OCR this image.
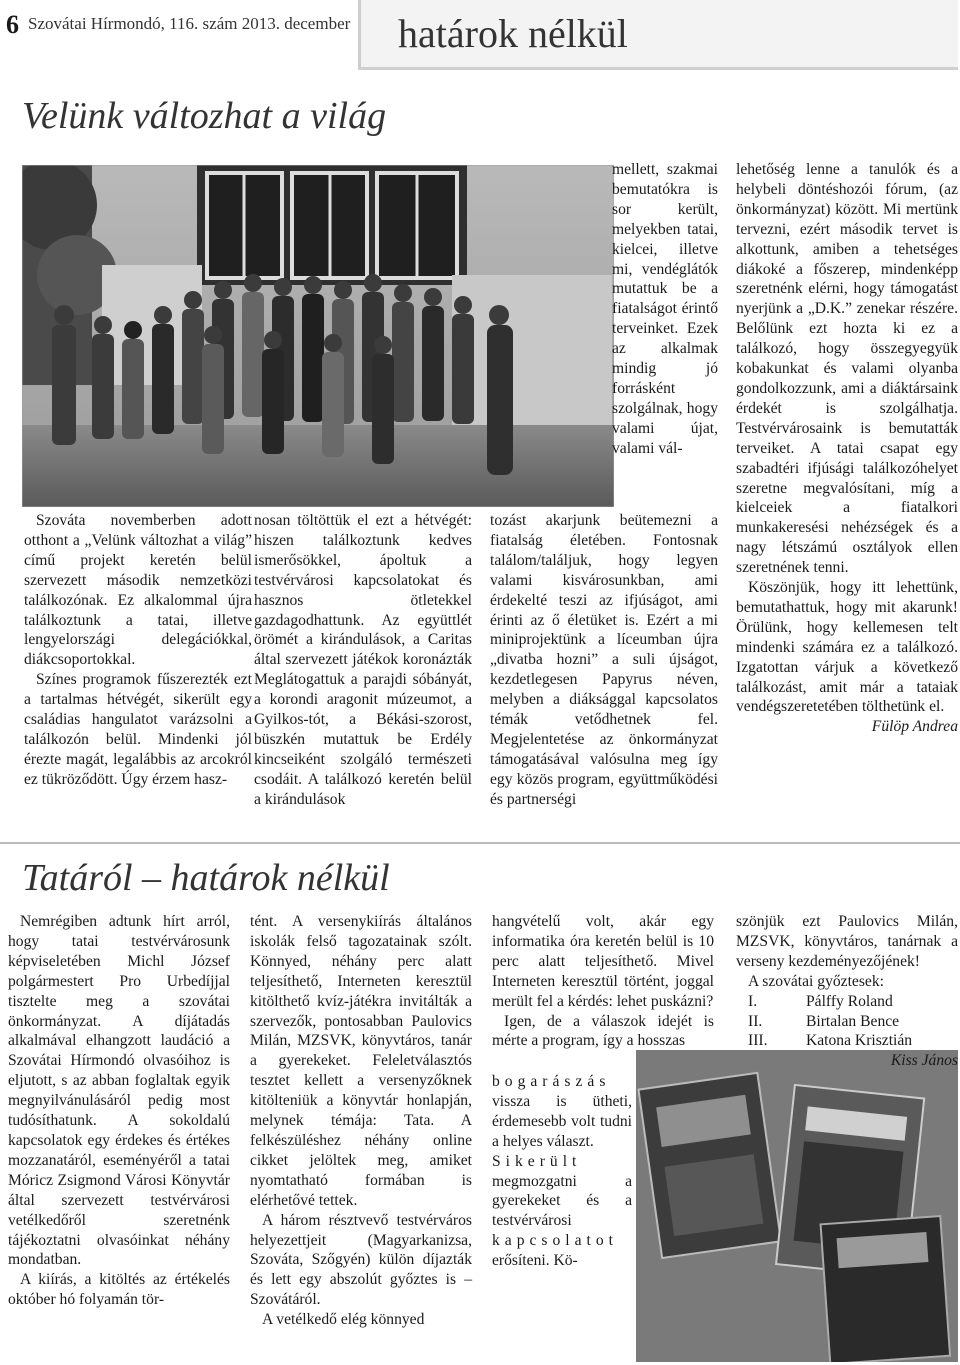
6 Szovátai Hírmondó, 116. szám 2013. december határok nélkül
Velünk változhat a világ

Szováta novemberben adott otthont a „Velünk változhat a világ” című projekt keretén belül szervezett második nemzetközi találkozónak. Ez alkalommal újra találkoztunk a tatai, illetve lengyelországi delegációkkal, diákcsoportokkal.

Színes programok fűszerezték ezt a tartalmas hétvégét, sikerült egy családias hangulatot varázsolni a találkozón belül. Mindenki jól érezte magát, legalábbis az arcokról ez tükröződött. Úgy érzem hasz-

nosan töltöttük el ezt a hétvégét: hiszen találkoztunk kedves ismerősökkel, ápoltuk a testvérvárosi kapcsolatokat és hasznos ötletekkel gazdagodhattunk. Az együttlét örömét a kirándulások, a Caritas által szervezett játékok koronázták Meglátogattuk a parajdi sóbányát, a korondi aragonit múzeumot, a Gyilkos-tót, a Békási-szorost, büszkén mutattuk be Erdély kincseiként szolgáló természeti csodáit. A találkozó keretén belül a kirándulások

mellett, szakmai bemutatókra is sor került, melyekben tatai, kielcei, illetve mi, vendéglátók mutattuk be a fiatalságot érintő terveinket. Ezek az alkalmak mindig jó forrásként szolgálnak, hogy valami újat, valami vál-

tozást akarjunk beütemezni a fiatalság életében. Fontosnak találom/találjuk, hogy legyen valami kisvárosunkban, ami érdekelté teszi az ifjúságot, ami érinti az ő életüket is. Ezért a mi miniprojektünk a líceumban újra „divatba hozni” a suli újságot, kezdetlegesen Papyrus néven, melyben a diáksággal kapcsolatos témák vetődhetnek fel. Megjelentetése az önkormányzat támogatásával valósulna meg így egy közös program, együttműködési és partnerségi

lehetőség lenne a tanulók és a helybeli döntéshozói fórum, (az önkormányzat) között. Mi mertünk tervezni, ezért második tervet is alkottunk, amiben a tehetséges diákoké a főszerep, mindenképp szeretnénk elérni, hogy támogatást nyerjünk a „D.K.” zenekar részére. Belőlünk ezt hozta ki ez a találkozó, hogy összegyegyük kobakunkat és valami olyanba gondolkozzunk, ami a diáktársaink érdekét is szolgálhatja. Testvérvárosaink is bemutatták terveiket. A tatai csapat egy szabadtéri ifjúsági találkozóhelyet szeretne megvalósítani, míg a kielceiek a fiatalkori munkakeresési nehézségek és a nagy létszámú osztályok ellen szeretnének tenni.

Köszönjük, hogy itt lehettünk, bemutathattuk, hogy mit akarunk! Örülünk, hogy kellemesen telt mindenki számára ez a találkozó. Izgatottan várjuk a következő találkozást, amit már a tataiak vendégszeretetében tölthetünk el.

Fülöp Andrea

Tatáról – határok nélkül

Nemrégiben adtunk hírt arról, hogy tatai testvérvárosunk képviseletében Michl József polgármestert Pro Urbedíjjal tisztelte meg a szovátai önkormányzat. A díjátadás alkalmával elhangzott laudáció a Szovátai Hírmondó olvasóihoz is eljutott, s az abban foglaltak egyik megnyilvánulásáról pedig most tudósíthatunk. A sokoldalú kapcsolatok egy érdekes és értékes mozzanatáról, eseményéről a tatai Móricz Zsigmond Városi Könyvtár által szervezett testvérvárosi vetélkedőről szeretnénk tájékoztatni olvasóinkat néhány mondatban.

A kiírás, a kitöltés az értékelés október hó folyamán tör-

tént. A versenykiírás általános iskolák felső tagozatainak szólt. Könnyed, néhány perc alatt teljesíthető, Interneten keresztül kitölthető kvíz-játékra invitálták a szervezők, pontosabban Paulovics Milán, MZSVK, könyvtáros, tanár a gyerekeket. Feleletválasztós tesztet kellett a versenyzőknek kitölteniük a könyvtár honlapján, melynek témája: Tata. A felkészüléshez néhány online cikket jelöltek meg, amiket nyomtatható formában is elérhetővé tettek.

A három résztvevő testvérváros helyezettjeit (Magyarkanizsa, Szováta, Szőgyén) külön díjazták és lett egy abszolút győztes is – Szovátáról.

A vetélkedő elég könnyed

hangvételű volt, akár egy informatika óra keretén belül is 10 perc alatt teljesíthető. Mivel Interneten keresztül történt, joggal merült fel a kérdés: lehet puskázni?

Igen, de a válaszok idejét is mérte a program, így a hosszas

bogarászás

vissza is ütheti, érdemesebb volt tudni a helyes választ.

Sikerült

megmozgatni a gyerekeket és a testvérvárosi

kapcsolatot

erősíteni. Kö-

szönjük ezt Paulovics Milán, MZSVK, könyvtáros, tanárnak a verseny kezdeményezőjének!

A szovátai győztesek:

I.	Pálffy Roland
II.	Birtalan Bence
III.	Katona Krisztián

Kiss János
